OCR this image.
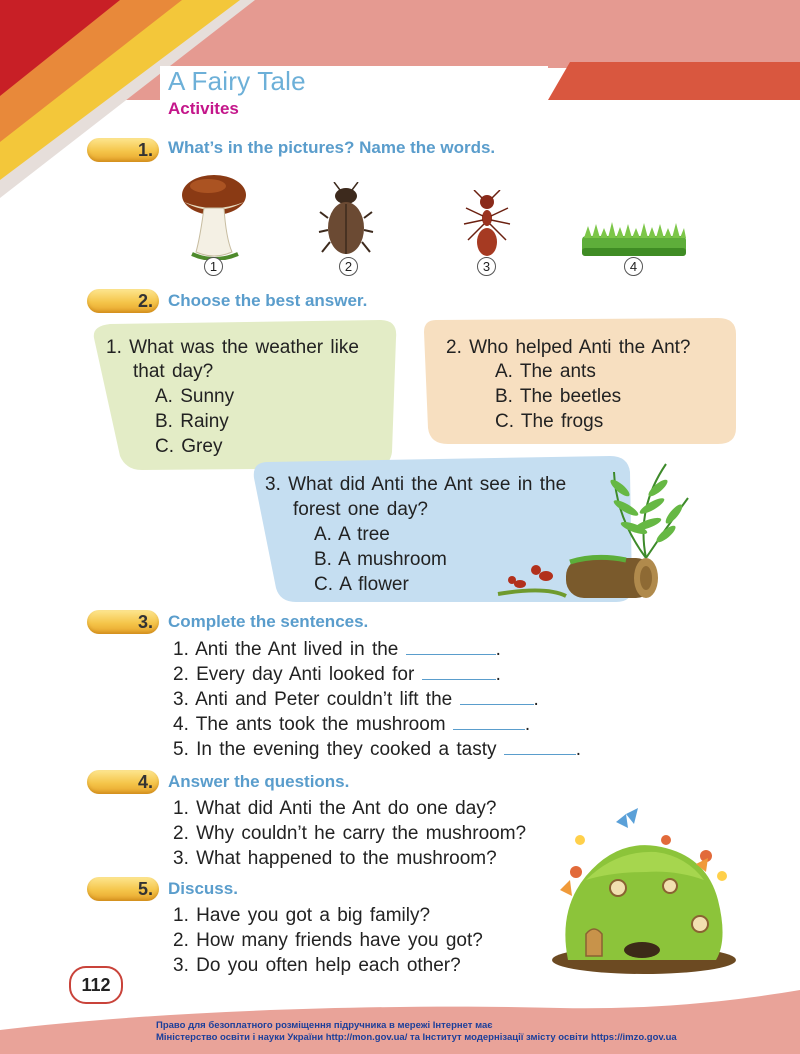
A Fairy Tale
Activites
1. What’s in the pictures? Name the words.
1	2	3	4
2. Choose the best answer.
1. What was the weather like
that day?
A. Sunny
B. Rainy
C. Grey
2. Who helped Anti the Ant?
A. The ants
B. The beetles
C. The frogs
3. What did Anti the Ant see in the
forest one day?
A. A tree
B. A mushroom
C. A flower
3. Complete the sentences.
1. Anti the Ant lived in the	.
2. Every day Anti looked for	.
3. Anti and Peter couldn’t lift the	.
4. The ants took the mushroom	.
5. In the evening they cooked a tasty	.
4. Answer the questions.
1. What did Anti the Ant do one day?
2. Why couldn’t he carry the mushroom?
3. What happened to the mushroom?
5. Discuss.
1. Have you got a big family?
2. How many friends have you got?
3. Do you often help each other?
112
Право для безоплатного розміщення підручника в мережі Інтернет має
Міністерство освіти і науки України http://mon.gov.ua/ та Інститут модернізації змісту освіти https://imzo.gov.ua
